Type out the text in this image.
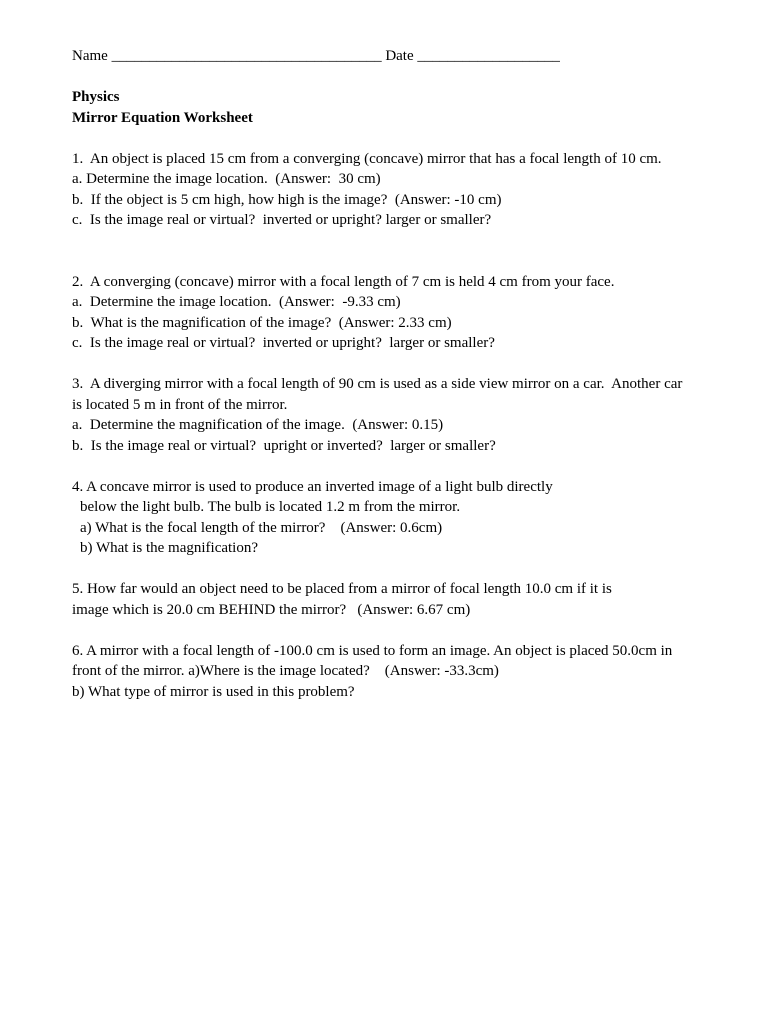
Name ____________________________________ Date ___________________

Physics

Mirror Equation Worksheet

1.  An object is placed 15 cm from a converging (concave) mirror that has a focal length of 10 cm.

a. Determine the image location.  (Answer:  30 cm)

b.  If the object is 5 cm high, how high is the image?  (Answer: -10 cm)

c.  Is the image real or virtual?  inverted or upright? larger or smaller?

2.  A converging (concave) mirror with a focal length of 7 cm is held 4 cm from your face.

a.  Determine the image location.  (Answer:  -9.33 cm)

b.  What is the magnification of the image?  (Answer: 2.33 cm)

c.  Is the image real or virtual?  inverted or upright?  larger or smaller?

3.  A diverging mirror with a focal length of 90 cm is used as a side view mirror on a car.  Another car

is located 5 m in front of the mirror.

a.  Determine the magnification of the image.  (Answer: 0.15)

b.  Is the image real or virtual?  upright or inverted?  larger or smaller?

4. A concave mirror is used to produce an inverted image of a light bulb directly

below the light bulb. The bulb is located 1.2 m from the mirror.

a) What is the focal length of the mirror?    (Answer: 0.6cm)

b) What is the magnification?

5. How far would an object need to be placed from a mirror of focal length 10.0 cm if it is

image which is 20.0 cm BEHIND the mirror?   (Answer: 6.67 cm)

6. A mirror with a focal length of -100.0 cm is used to form an image. An object is placed 50.0cm in

front of the mirror. a)Where is the image located?    (Answer: -33.3cm)

b) What type of mirror is used in this problem?
